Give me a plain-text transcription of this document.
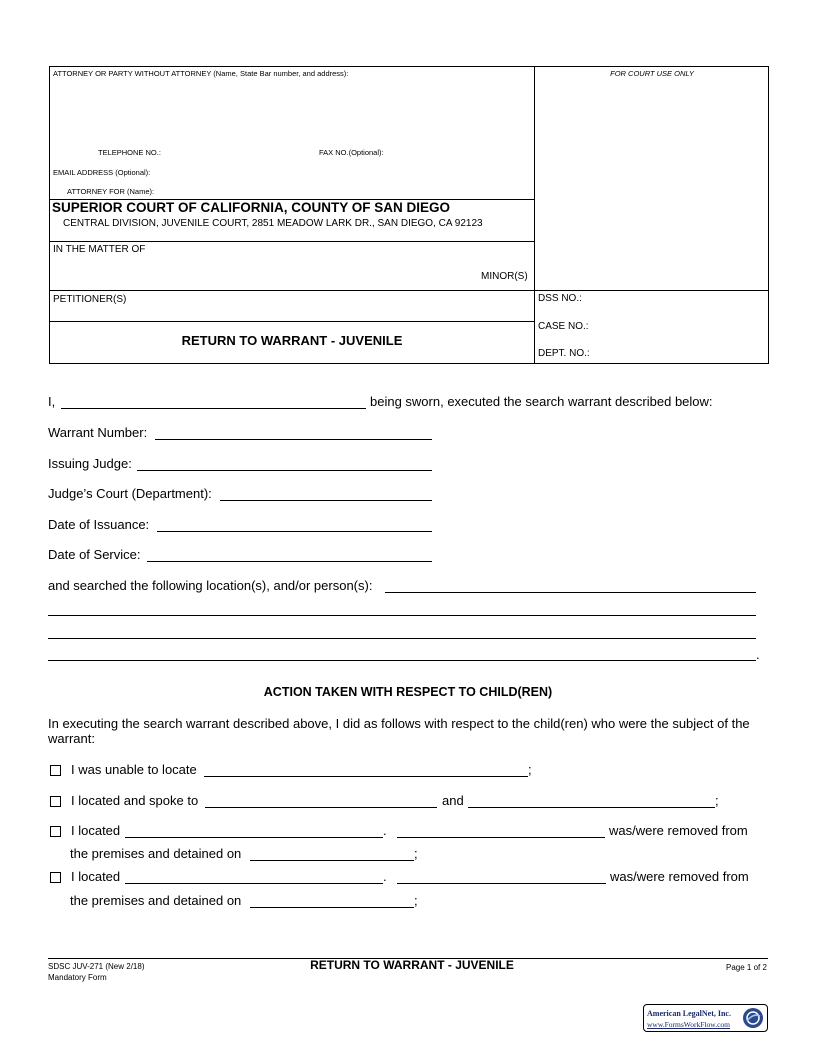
ATTORNEY OR PARTY WITHOUT ATTORNEY (Name, State Bar number, and address):	FOR COURT USE ONLY
TELEPHONE NO.:	FAX NO.(Optional):
EMAIL ADDRESS (Optional):
ATTORNEY FOR (Name):
SUPERIOR COURT OF CALIFORNIA, COUNTY OF SAN DIEGO
CENTRAL DIVISION, JUVENILE COURT, 2851 MEADOW LARK DR., SAN DIEGO, CA 92123
IN THE MATTER OF
MINOR(S)
PETITIONER(S)	DSS NO.:
CASE NO.:
DEPT. NO.:
RETURN TO WARRANT - JUVENILE
I,	being sworn, executed the search warrant described below:
Warrant Number:
Issuing Judge:
Judge’s Court (Department):
Date of Issuance:
Date of Service:
and searched the following location(s), and/or person(s):
.
ACTION TAKEN WITH RESPECT TO CHILD(REN)
In executing the search warrant described above, I did as follows with respect to the child(ren) who were the subject of the
warrant:
I was unable to locate	;
I located and spoke to	and	;
I located	.	was/were removed from
the premises and detained on	;
I located	.	was/were removed from
the premises and detained on	;
SDSC JUV-271 (New 2/18)
Mandatory Form
RETURN TO WARRANT - JUVENILE	Page 1 of 2
American LegalNet, Inc.
www.FormsWorkFlow.com
